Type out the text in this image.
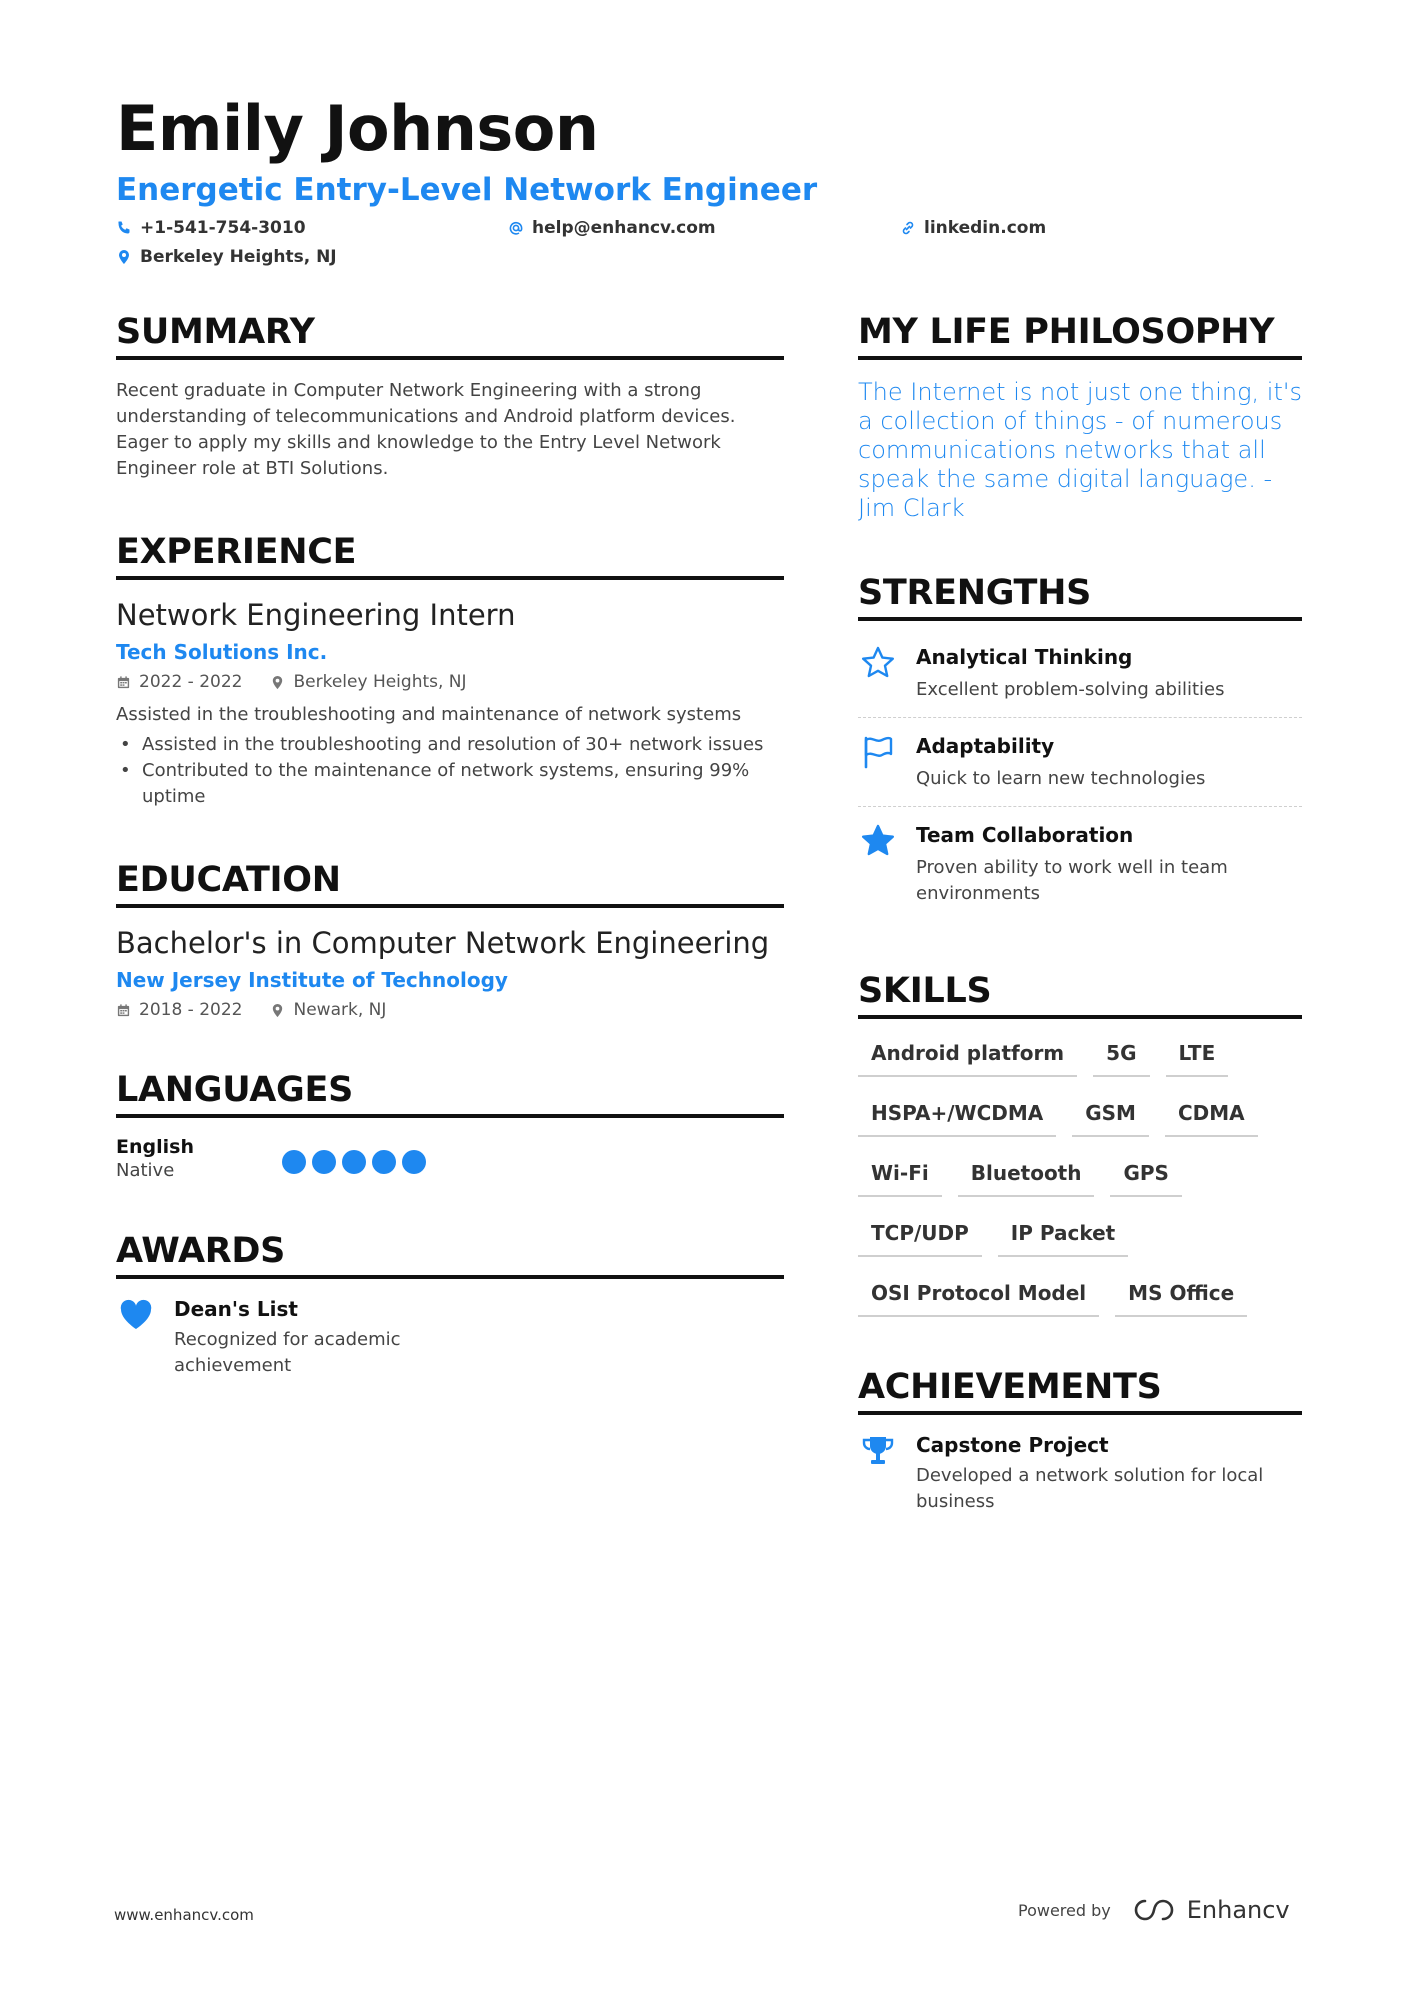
Emily Johnson
Energetic Entry-Level Network Engineer
+1-541-754-3010	help@enhancv.com	linkedin.com
Berkeley Heights, NJ
SUMMARY
Recent graduate in Computer Network Engineering with a strong understanding of telecommunications and Android platform devices. Eager to apply my skills and knowledge to the Entry Level Network Engineer role at BTI Solutions.
EXPERIENCE
Network Engineering Intern
Tech Solutions Inc.
2022 - 2022	Berkeley Heights, NJ
Assisted in the troubleshooting and maintenance of network systems
• Assisted in the troubleshooting and resolution of 30+ network issues
• Contributed to the maintenance of network systems, ensuring 99% uptime
EDUCATION
Bachelor's in Computer Network Engineering
New Jersey Institute of Technology
2018 - 2022	Newark, NJ
LANGUAGES
English
Native
AWARDS
Dean's List
Recognized for academic achievement
MY LIFE PHILOSOPHY
The Internet is not just one thing, it's a collection of things - of numerous communications networks that all speak the same digital language. - Jim Clark
STRENGTHS
Analytical Thinking
Excellent problem-solving abilities
Adaptability
Quick to learn new technologies
Team Collaboration
Proven ability to work well in team environments
SKILLS
Android platform	5G	LTE
HSPA+/WCDMA	GSM	CDMA
Wi-Fi	Bluetooth	GPS
TCP/UDP	IP Packet
OSI Protocol Model	MS Office
ACHIEVEMENTS
Capstone Project
Developed a network solution for local business
www.enhancv.com	Powered by	Enhancv
